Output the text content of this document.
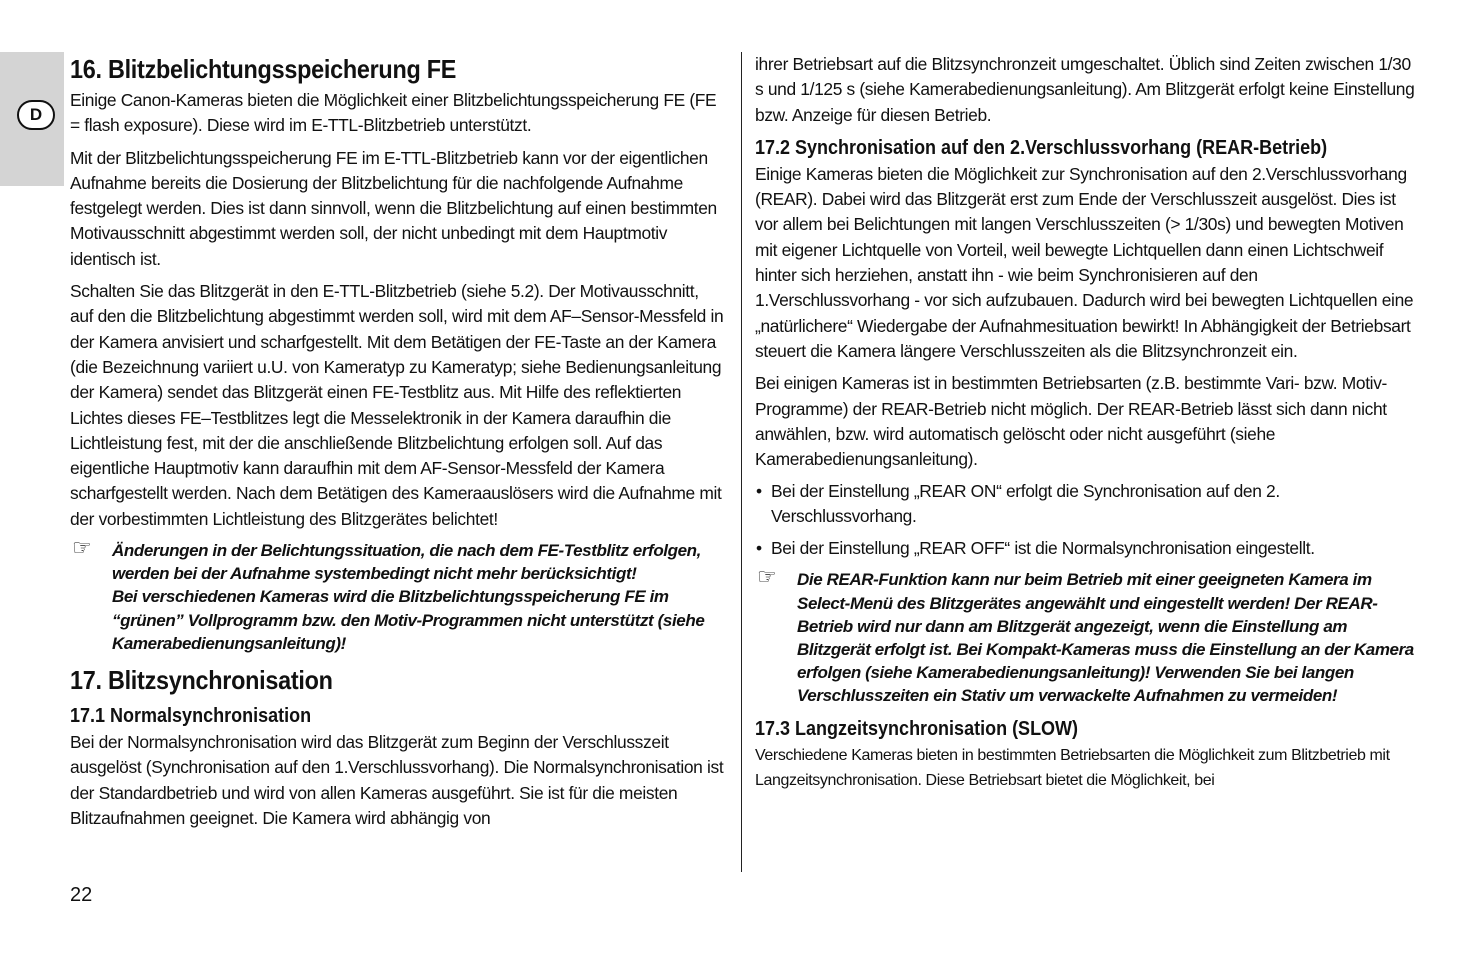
D
16. Blitzbelichtungsspeicherung FE

Einige Canon-Kameras bieten die Möglichkeit einer Blitzbelichtungsspeicherung FE (FE = flash exposure). Diese wird im E-TTL-Blitzbetrieb unterstützt.

Mit der Blitzbelichtungsspeicherung FE im E-TTL-Blitzbetrieb kann vor der eigentlichen Aufnahme bereits die Dosierung der Blitzbelichtung für die nachfolgende Aufnahme festgelegt werden. Dies ist dann sinnvoll, wenn die Blitzbelichtung auf einen bestimmten Motivausschnitt abgestimmt werden soll, der nicht unbedingt mit dem Hauptmotiv identisch ist.

Schalten Sie das Blitzgerät in den E-TTL-Blitzbetrieb (siehe 5.2). Der Motivausschnitt, auf den die Blitzbelichtung abgestimmt werden soll, wird mit dem AF–Sensor-Messfeld in der Kamera anvisiert und scharfgestellt. Mit dem Betätigen der FE-Taste an der Kamera (die Bezeichnung variiert u.U. von Kameratyp zu Kameratyp; siehe Bedienungsanleitung der Kamera) sendet das Blitzgerät einen FE-Testblitz aus. Mit Hilfe des reflektierten Lichtes dieses FE–Testblitzes legt die Messelektronik in der Kamera daraufhin die Lichtleistung fest, mit der die anschließende Blitzbelichtung erfolgen soll. Auf das eigentliche Hauptmotiv kann daraufhin mit dem AF-Sensor-Messfeld der Kamera scharfgestellt werden. Nach dem Betätigen des Kameraauslösers wird die Aufnahme mit der vorbestimmten Lichtleistung des Blitzgerätes belichtet!

☞ Änderungen in der Belichtungssituation, die nach dem FE-Testblitz erfolgen, werden bei der Aufnahme systembedingt nicht mehr berücksichtigt!
Bei verschiedenen Kameras wird die Blitzbelichtungsspeicherung FE im “grünen” Vollprogramm bzw. den Motiv-Programmen nicht unterstützt (siehe Kamerabedienungsanleitung)!
17. Blitzsynchronisation
17.1 Normalsynchronisation

Bei der Normalsynchronisation wird das Blitzgerät zum Beginn der Verschlusszeit ausgelöst (Synchronisation auf den 1.Verschlussvorhang). Die Normalsynchronisation ist der Standardbetrieb und wird von allen Kameras ausgeführt. Sie ist für die meisten Blitzaufnahmen geeignet. Die Kamera wird abhängig von

ihrer Betriebsart auf die Blitzsynchronzeit umgeschaltet. Üblich sind Zeiten zwischen 1/30 s und 1/125 s (siehe Kamerabedienungsanleitung). Am Blitzgerät erfolgt keine Einstellung bzw. Anzeige für diesen Betrieb.

17.2 Synchronisation auf den 2.Verschlussvorhang (REAR-Betrieb)

Einige Kameras bieten die Möglichkeit zur Synchronisation auf den 2.Verschlussvorhang (REAR). Dabei wird das Blitzgerät erst zum Ende der Verschlusszeit ausgelöst. Dies ist vor allem bei Belichtungen mit langen Verschlusszeiten (> 1/30s) und bewegten Motiven mit eigener Lichtquelle von Vorteil, weil bewegte Lichtquellen dann einen Lichtschweif hinter sich herziehen, anstatt ihn - wie beim Synchronisieren auf den 1.Verschlussvorhang - vor sich aufzubauen. Dadurch wird bei bewegten Lichtquellen eine „natürlichere“ Wiedergabe der Aufnahmesituation bewirkt! In Abhängigkeit der Betriebsart steuert die Kamera längere Verschlusszeiten als die Blitzsynchronzeit ein.

Bei einigen Kameras ist in bestimmten Betriebsarten (z.B. bestimmte Vari- bzw. Motiv-Programme) der REAR-Betrieb nicht möglich. Der REAR-Betrieb lässt sich dann nicht anwählen, bzw. wird automatisch gelöscht oder nicht ausgeführt (siehe Kamerabedienungsanleitung).

• Bei der Einstellung „REAR ON“ erfolgt die Synchronisation auf den 2. Verschlussvorhang.
• Bei der Einstellung „REAR OFF“ ist die Normalsynchronisation eingestellt.
☞ Die REAR-Funktion kann nur beim Betrieb mit einer geeigneten Kamera im Select-Menü des Blitzgerätes angewählt und eingestellt werden! Der REAR-Betrieb wird nur dann am Blitzgerät angezeigt, wenn die Einstellung am Blitzgerät erfolgt ist. Bei Kompakt-Kameras muss die Einstellung an der Kamera erfolgen (siehe Kamerabedienungsanleitung)! Verwenden Sie bei langen Verschlusszeiten ein Stativ um verwackelte Aufnahmen zu vermeiden!
17.3 Langzeitsynchronisation (SLOW)

Verschiedene Kameras bieten in bestimmten Betriebsarten die Möglichkeit zum Blitzbetrieb mit Langzeitsynchronisation. Diese Betriebsart bietet die Möglichkeit, bei

22
